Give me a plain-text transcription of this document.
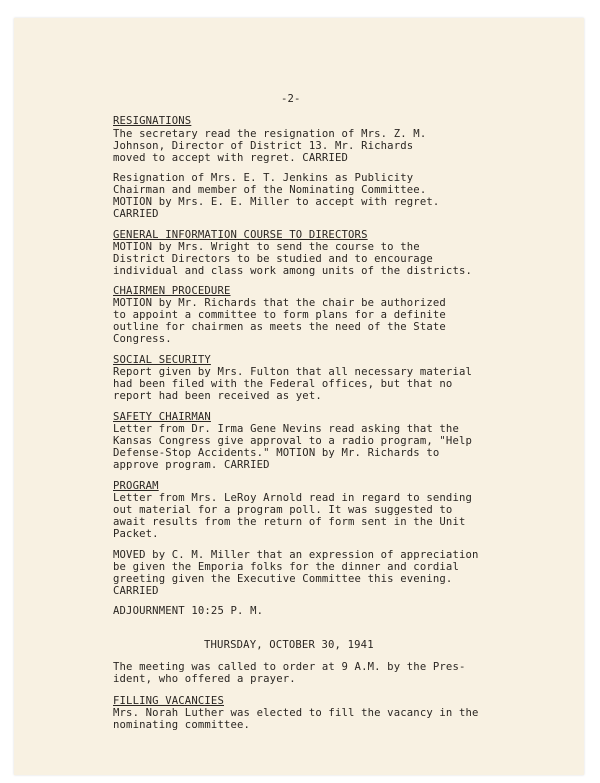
-2-
RESIGNATIONS
The secretary read the resignation of Mrs. Z. M.
Johnson, Director of District 13. Mr. Richards
moved to accept with regret. CARRIED
Resignation of Mrs. E. T. Jenkins as Publicity
Chairman and member of the Nominating Committee.
MOTION by Mrs. E. E. Miller to accept with regret.
CARRIED
GENERAL INFORMATION COURSE TO DIRECTORS
MOTION by Mrs. Wright to send the course to the
District Directors to be studied and to encourage
individual and class work among units of the districts.
CHAIRMEN PROCEDURE
MOTION by Mr. Richards that the chair be authorized
to appoint a committee to form plans for a definite
outline for chairmen as meets the need of the State
Congress.
SOCIAL SECURITY
Report given by Mrs. Fulton that all necessary material
had been filed with the Federal offices, but that no
report had been received as yet.
SAFETY CHAIRMAN
Letter from Dr. Irma Gene Nevins read asking that the
Kansas Congress give approval to a radio program, "Help
Defense-Stop Accidents." MOTION by Mr. Richards to
approve program. CARRIED
PROGRAM
Letter from Mrs. LeRoy Arnold read in regard to sending
out material for a program poll. It was suggested to
await results from the return of form sent in the Unit
Packet.
MOVED by C. M. Miller that an expression of appreciation
be given the Emporia folks for the dinner and cordial
greeting given the Executive Committee this evening.
CARRIED
ADJOURNMENT 10:25 P. M.
THURSDAY, OCTOBER 30, 1941
The meeting was called to order at 9 A.M. by the Pres-
ident, who offered a prayer.
FILLING VACANCIES
Mrs. Norah Luther was elected to fill the vacancy in the
nominating committee.
